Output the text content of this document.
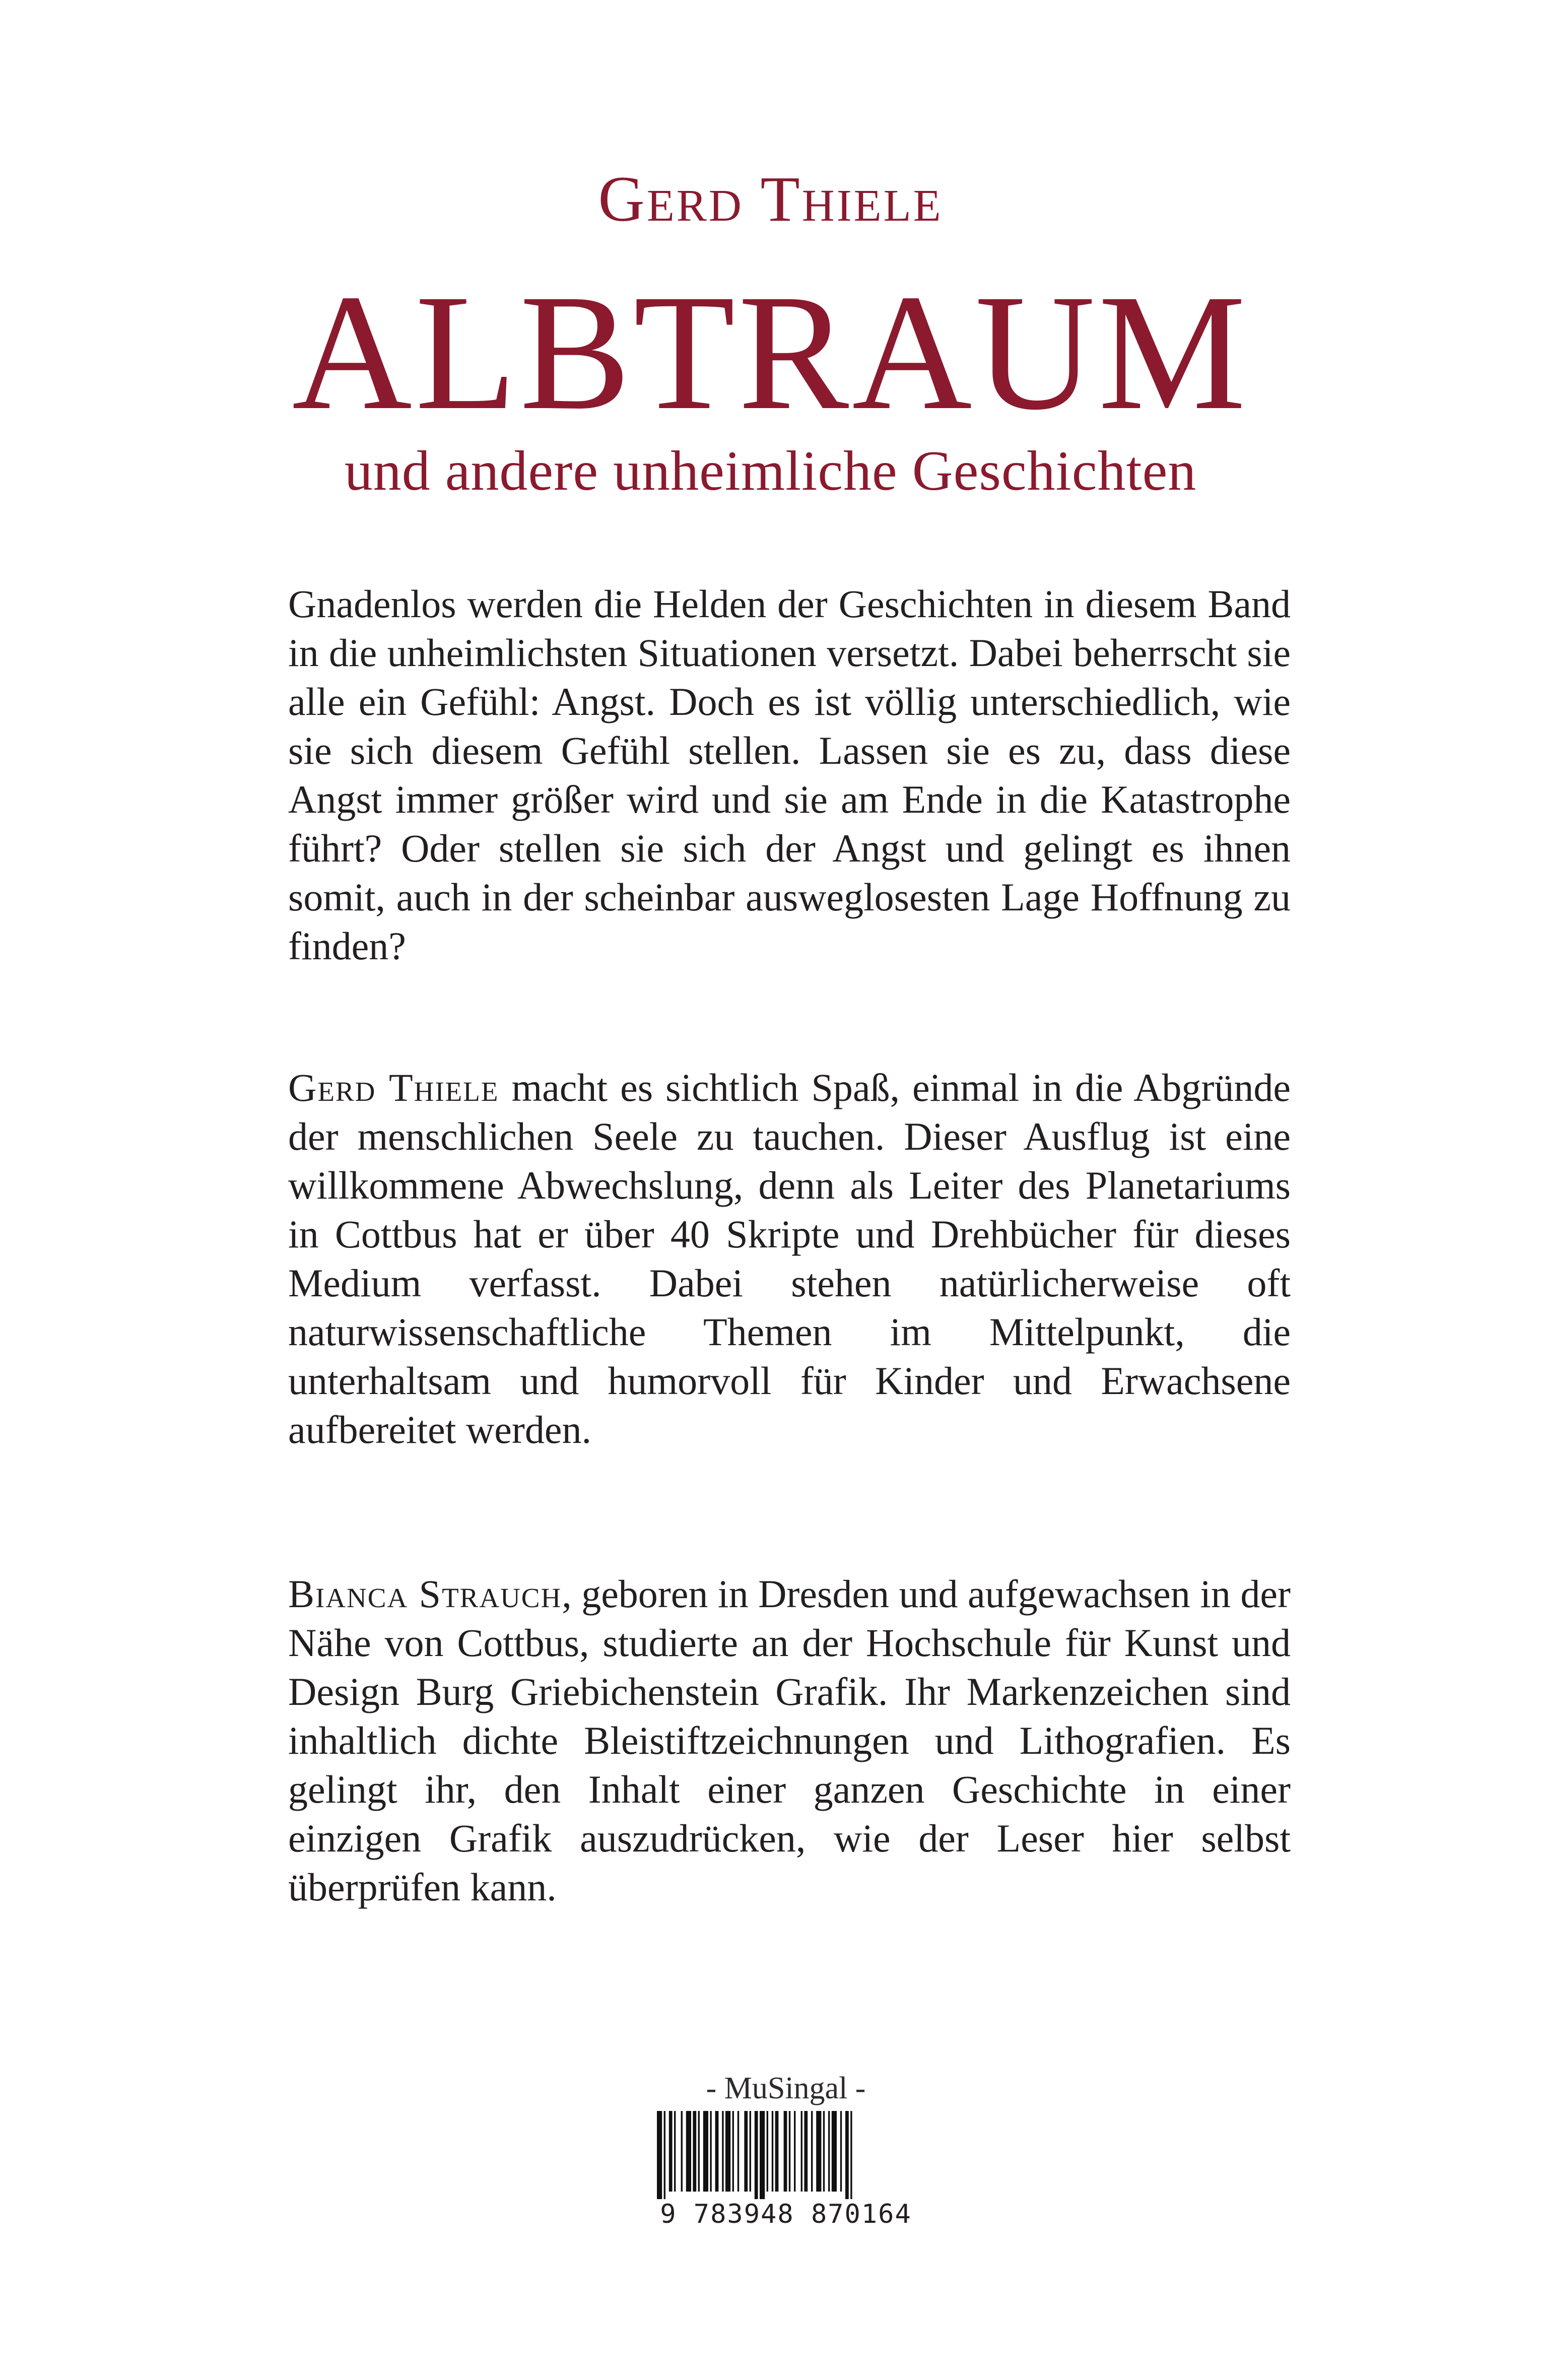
Gerd Thiele
ALBTRAUM
und andere unheimliche Geschichten

Gnadenlos werden die Helden der Geschichten in diesem Band in die unheimlichsten Situationen versetzt. Dabei beherrscht sie alle ein Gefühl: Angst. Doch es ist völlig unterschiedlich, wie sie sich diesem Gefühl stellen. Lassen sie es zu, dass diese Angst immer größer wird und sie am Ende in die Katastrophe führt? Oder stellen sie sich der Angst und gelingt es ihnen somit, auch in der scheinbar ausweglosesten Lage Hoffnung zu finden?

Gerd Thiele macht es sichtlich Spaß, einmal in die Abgründe der menschlichen Seele zu tauchen. Dieser Ausflug ist eine willkommene Abwechslung, denn als Leiter des Planetariums in Cottbus hat er über 40 Skripte und Drehbücher für dieses Medium verfasst. Dabei stehen natürlicherweise oft naturwissenschaftliche Themen im Mittelpunkt, die unterhaltsam und humorvoll für Kinder und Erwachsene aufbereitet werden.

Bianca Strauch, geboren in Dresden und aufgewachsen in der Nähe von Cottbus, studierte an der Hochschule für Kunst und Design Burg Griebichenstein Grafik. Ihr Markenzeichen sind inhaltlich dichte Bleistiftzeichnungen und Lithografien. Es gelingt ihr, den Inhalt einer ganzen Geschichte in einer einzigen Grafik auszudrücken, wie der Leser hier selbst überprüfen kann.

- MuSingal -
9 783948 870164
